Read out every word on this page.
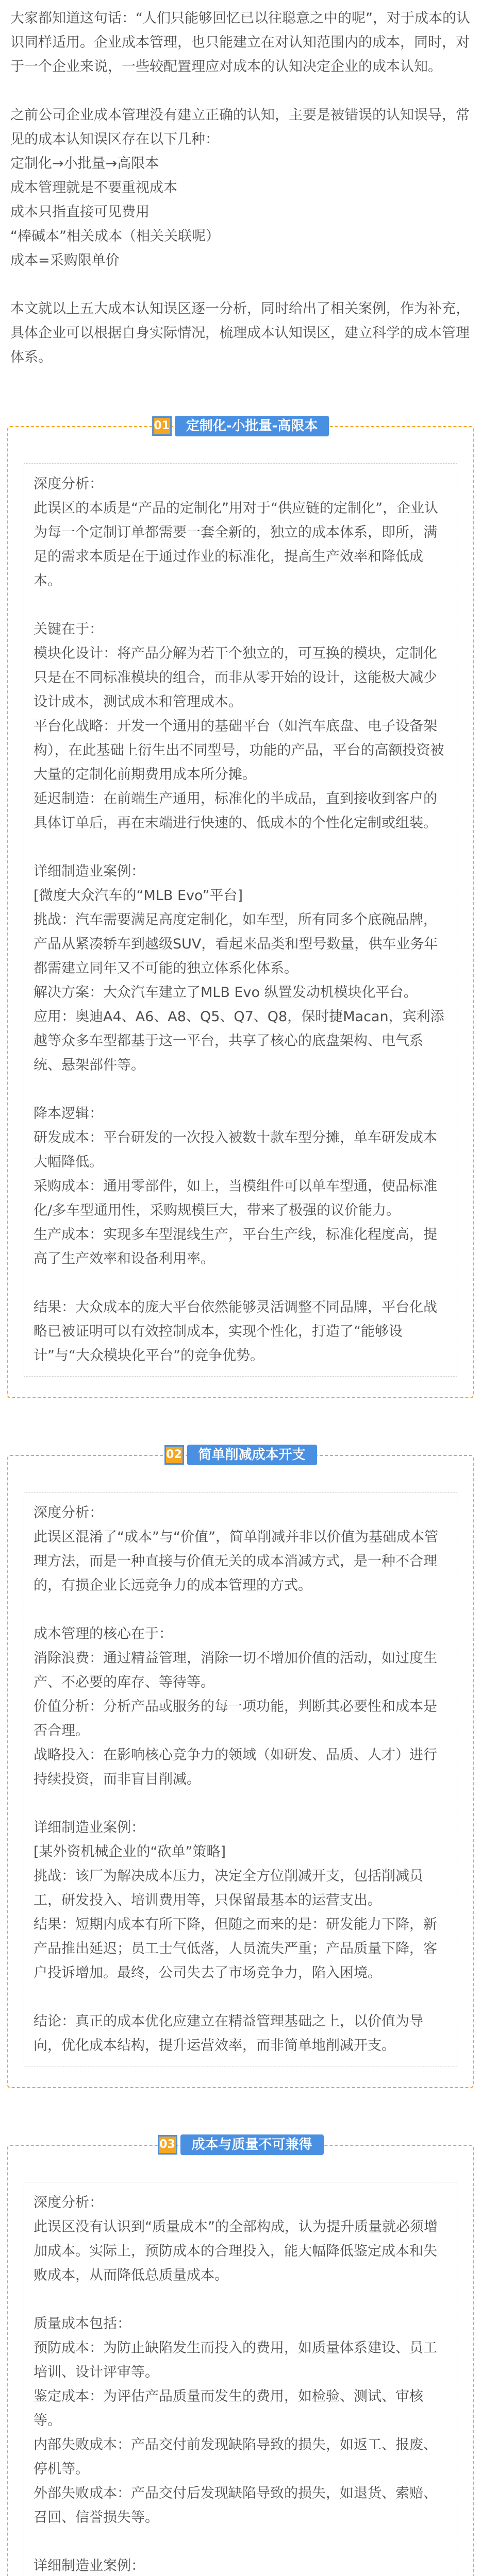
大家都知道这句话：“人们只能够回忆已以往聪意之中的呢”，对于成本的认识同样适用。企业成本管理，也只能建立在对认知范围内的成本，同时，对于一个企业来说，一些较配置理应对成本的认知决定企业的成本认知。

之前公司企业成本管理没有建立正确的认知，主要是被错误的认知误导，常见的成本认知误区存在以下几种：

定制化→小批量→高限本

成本管理就是不要重视成本

成本只指直接可见费用

“棒碱本”相关成本（相关关联呢）

成本=采购限单价

本文就以上五大成本认知误区逐一分析，同时给出了相关案例，作为补充，具体企业可以根据自身实际情况，梳理成本认知误区，建立科学的成本管理体系。

01	定制化-小批量-高限本

深度分析：

此误区的本质是“产品的定制化”用对于“供应链的定制化”，企业认为每一个定制订单都需要一套全新的，独立的成本体系，即所，满足的需求本质是在于通过作业的标准化，提高生产效率和降低成本。

关键在于：

模块化设计：将产品分解为若干个独立的，可互换的模块，定制化只是在不同标准模块的组合，而非从零开始的设计，这能极大减少设计成本，测试成本和管理成本。

平台化战略：开发一个通用的基础平台（如汽车底盘、电子设备架构），在此基础上衍生出不同型号，功能的产品，平台的高额投资被大量的定制化前期费用成本所分摊。

延迟制造：在前端生产通用，标准化的半成品，直到接收到客户的具体订单后，再在末端进行快速的、低成本的个性化定制或组装。

详细制造业案例：

[微度大众汽车的“MLB Evo”平台]

挑战：汽车需要满足高度定制化，如车型，所有同多个底碗品牌，产品从紧凑轿车到越级SUV，看起来品类和型号数量，供车业务年都需建立同年又不可能的独立体系化体系。

解决方案：大众汽车建立了MLB Evo 纵置发动机模块化平台。

应用：奥迪A4、A6、A8、Q5、Q7、Q8，保时捷Macan，宾利添越等众多车型都基于这一平台，共享了核心的底盘架构、电气系统、悬架部件等。

降本逻辑：

研发成本：平台研发的一次投入被数十款车型分摊，单车研发成本大幅降低。

采购成本：通用零部件，如上，当模组件可以单车型通，使品标准化/多车型通用性，采购规模巨大，带来了极强的议价能力。

生产成本：实现多车型混线生产，平台生产线，标准化程度高，提高了生产效率和设备利用率。

结果：大众成本的庞大平台依然能够灵活调整不同品牌，平台化战略已被证明可以有效控制成本，实现个性化，打造了“能够设计”与“大众模块化平台”的竞争优势。

02	简单削减成本开支

深度分析：

此误区混淆了“成本”与“价值”，简单削减并非以价值为基础成本管理方法，而是一种直接与价值无关的成本消减方式，是一种不合理的，有损企业长远竞争力的成本管理的方式。

成本管理的核心在于：

消除浪费：通过精益管理，消除一切不增加价值的活动，如过度生产、不必要的库存、等待等。

价值分析：分析产品或服务的每一项功能，判断其必要性和成本是否合理。

战略投入：在影响核心竞争力的领域（如研发、品质、人才）进行持续投资，而非盲目削减。

详细制造业案例：

[某外资机械企业的“砍单”策略]

挑战：该厂为解决成本压力，决定全方位削减开支，包括削减员工，研发投入、培训费用等，只保留最基本的运营支出。

结果：短期内成本有所下降，但随之而来的是：研发能力下降，新产品推出延迟；员工士气低落，人员流失严重；产品质量下降，客户投诉增加。最终，公司失去了市场竞争力，陷入困境。

结论：真正的成本优化应建立在精益管理基础之上，以价值为导向，优化成本结构，提升运营效率，而非简单地削减开支。

03	成本与质量不可兼得

深度分析：

此误区没有认识到“质量成本”的全部构成，认为提升质量就必须增加成本。实际上，预防成本的合理投入，能大幅降低鉴定成本和失败成本，从而降低总质量成本。

质量成本包括：

预防成本：为防止缺陷发生而投入的费用，如质量体系建设、员工培训、设计评审等。

鉴定成本：为评估产品质量而发生的费用，如检验、测试、审核等。

内部失败成本：产品交付前发现缺陷导致的损失，如返工、报废、停机等。

外部失败成本：产品交付后发现缺陷导致的损失，如退货、索赔、召回、信誉损失等。

详细制造业案例：
